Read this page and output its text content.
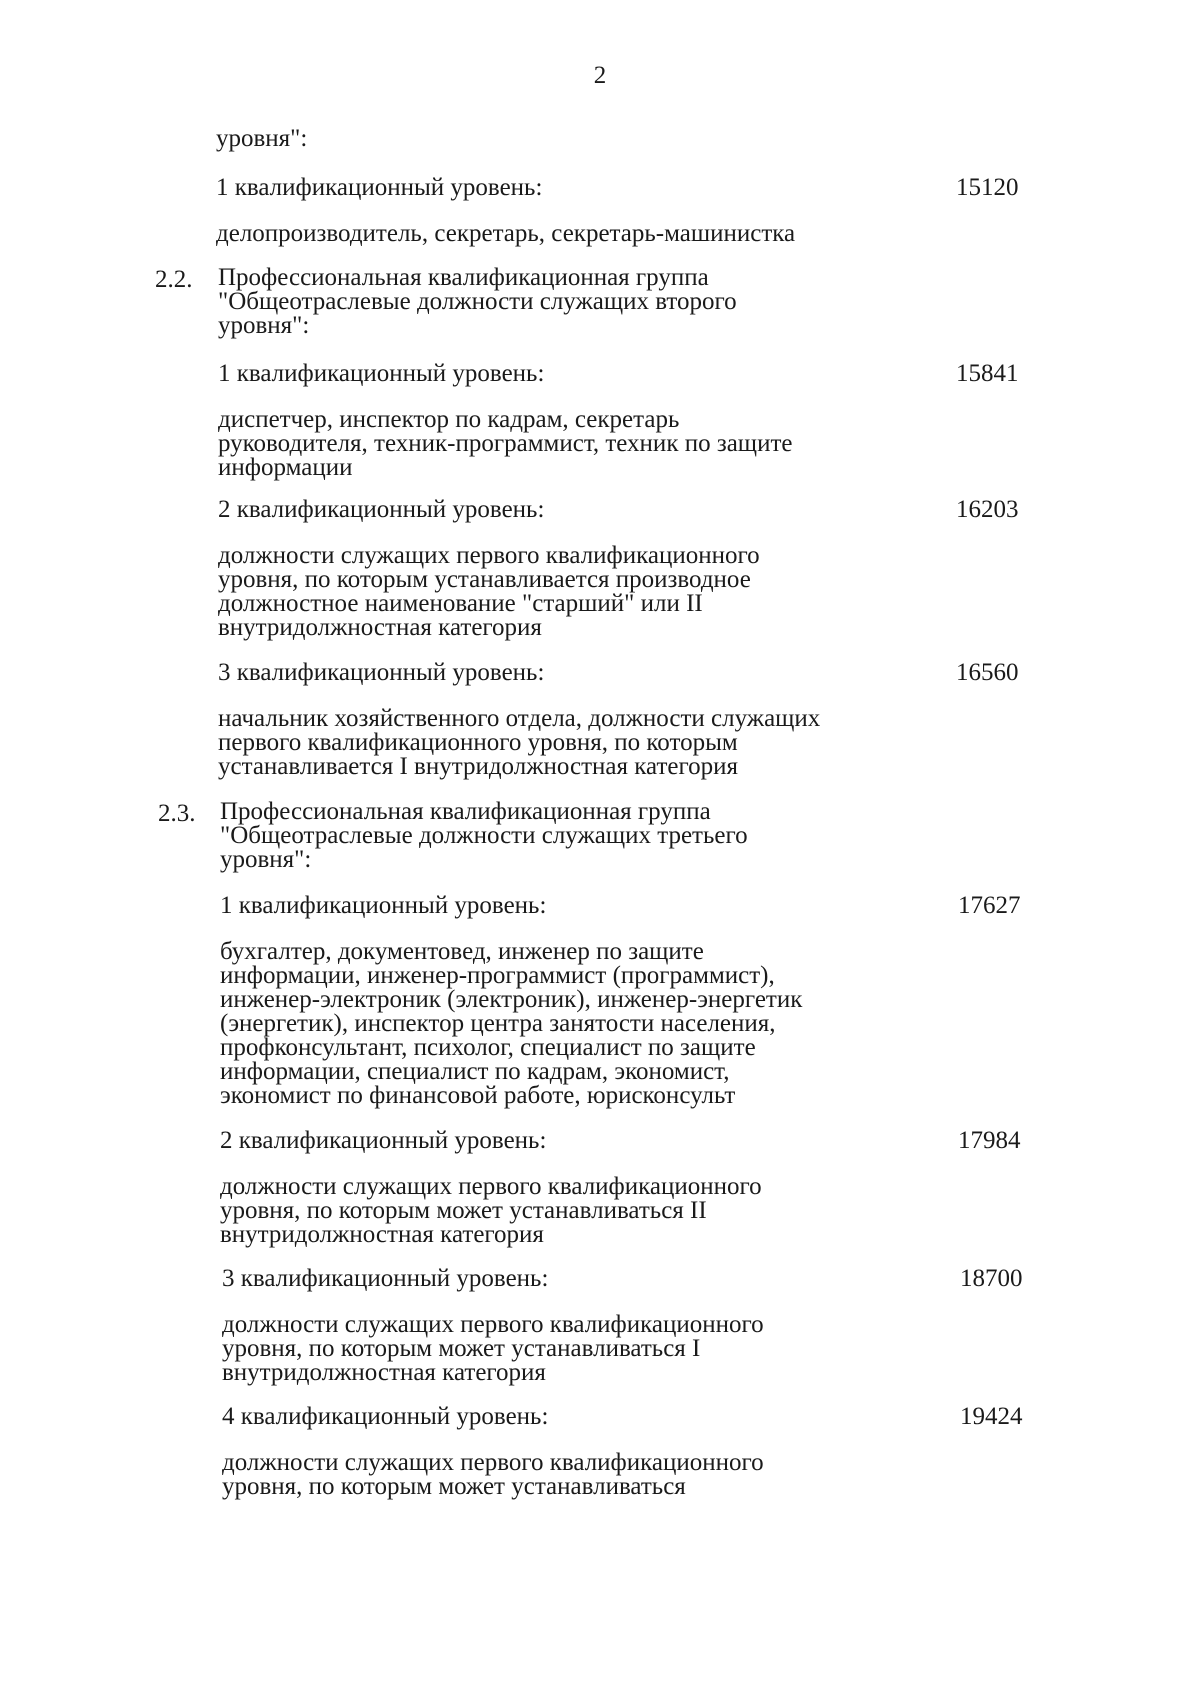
2
уровня":
1 квалификационный уровень:	15120
делопроизводитель, секретарь, секретарь-машинистка
2.2. Профессиональная квалификационная группа
"Общеотраслевые должности служащих второго
уровня":
1 квалификационный уровень:	15841
диспетчер, инспектор по кадрам, секретарь
руководителя, техник-программист, техник по защите
информации
2 квалификационный уровень:	16203
должности служащих первого квалификационного
уровня, по которым устанавливается производное
должностное наименование "старший" или II
внутридолжностная категория
3 квалификационный уровень:	16560
начальник хозяйственного отдела, должности служащих
первого квалификационного уровня, по которым
устанавливается I внутридолжностная категория
2.3. Профессиональная квалификационная группа
"Общеотраслевые должности служащих третьего
уровня":
1 квалификационный уровень:	17627
бухгалтер, документовед, инженер по защите
информации, инженер-программист (программист),
инженер-электроник (электроник), инженер-энергетик
(энергетик), инспектор центра занятости населения,
профконсультант, психолог, специалист по защите
информации, специалист по кадрам, экономист,
экономист по финансовой работе, юрисконсульт
2 квалификационный уровень:	17984
должности служащих первого квалификационного
уровня, по которым может устанавливаться II
внутридолжностная категория
3 квалификационный уровень:	18700
должности служащих первого квалификационного
уровня, по которым может устанавливаться I
внутридолжностная категория
4 квалификационный уровень:	19424
должности служащих первого квалификационного
уровня, по которым может устанавливаться
